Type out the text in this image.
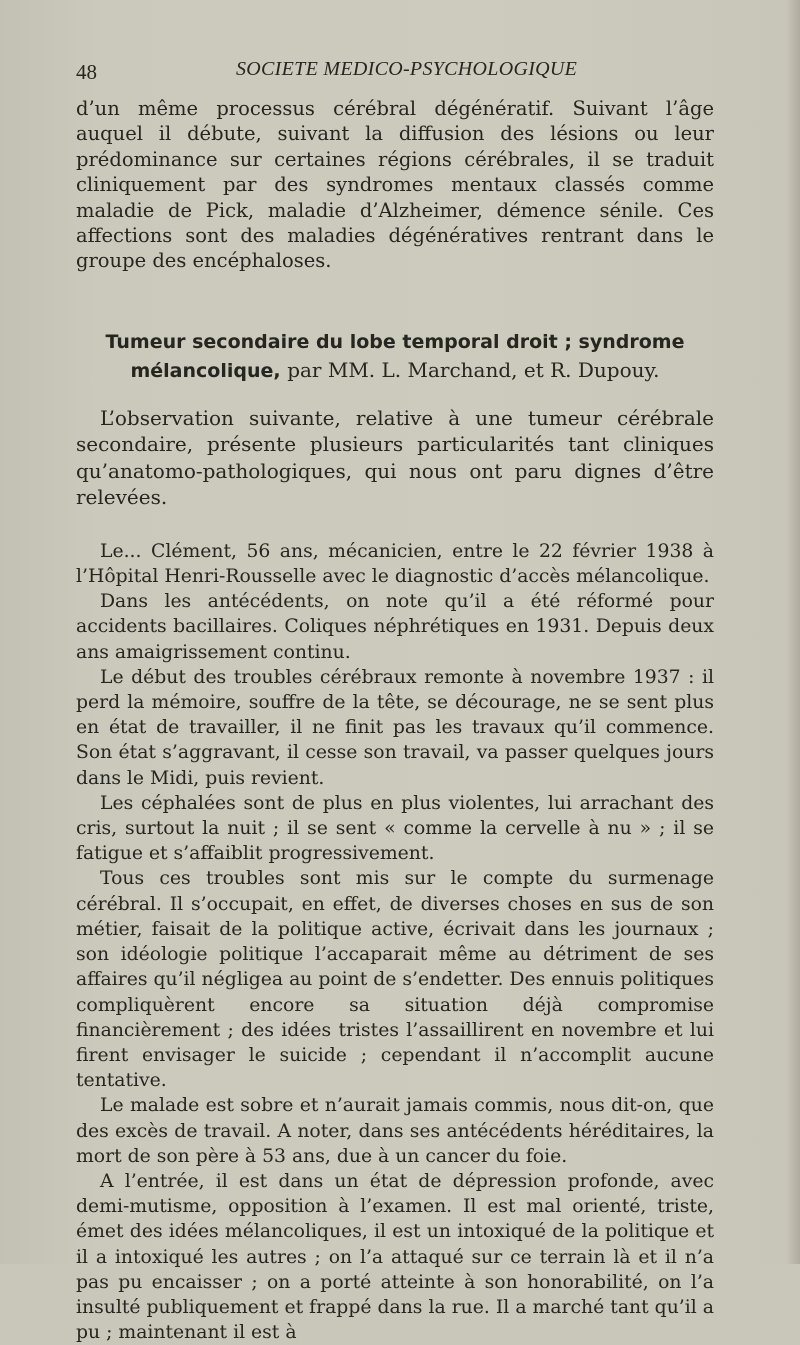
48	SOCIETE MEDICO-PSYCHOLOGIQUE

d’un même processus cérébral dégénératif. Suivant l’âge auquel il débute, suivant la diffusion des lésions ou leur prédominance sur certaines régions cérébrales, il se traduit cliniquement par des syndromes mentaux classés comme maladie de Pick, maladie d’Alzheimer, démence sénile. Ces affections sont des maladies dégénératives rentrant dans le groupe des encéphaloses.

Tumeur secondaire du lobe temporal droit ; syndrome
mélancolique, par MM. L. Marchand, et R. Dupouy.

L’observation suivante, relative à une tumeur cérébrale secondaire, présente plusieurs particularités tant cliniques qu’anatomo-pathologiques, qui nous ont paru dignes d’être relevées.

Le... Clément, 56 ans, mécanicien, entre le 22 février 1938 à l’Hôpital Henri-Rousselle avec le diagnostic d’accès mélancolique.

Dans les antécédents, on note qu’il a été réformé pour accidents bacillaires. Coliques néphrétiques en 1931. Depuis deux ans amaigrissement continu.

Le début des troubles cérébraux remonte à novembre 1937 : il perd la mémoire, souffre de la tête, se décourage, ne se sent plus en état de travailler, il ne finit pas les travaux qu’il commence. Son état s’aggravant, il cesse son travail, va passer quelques jours dans le Midi, puis revient.

Les céphalées sont de plus en plus violentes, lui arrachant des cris, surtout la nuit ; il se sent « comme la cervelle à nu » ; il se fatigue et s’affaiblit progressivement.

Tous ces troubles sont mis sur le compte du surmenage cérébral. Il s’occupait, en effet, de diverses choses en sus de son métier, faisait de la politique active, écrivait dans les journaux ; son idéologie politique l’accaparait même au détriment de ses affaires qu’il négligea au point de s’endetter. Des ennuis politiques compliquèrent encore sa situation déjà compromise financièrement ; des idées tristes l’assaillirent en novembre et lui firent envisager le suicide ; cependant il n’accomplit aucune tentative.

Le malade est sobre et n’aurait jamais commis, nous dit-on, que des excès de travail. A noter, dans ses antécédents héréditaires, la mort de son père à 53 ans, due à un cancer du foie.

A l’entrée, il est dans un état de dépression profonde, avec demi-mutisme, opposition à l’examen. Il est mal orienté, triste, émet des idées mélancoliques, il est un intoxiqué de la politique et il a intoxiqué les autres ; on l’a attaqué sur ce terrain là et il n’a pas pu encaisser ; on a porté atteinte à son honorabilité, on l’a insulté publiquement et frappé dans la rue. Il a marché tant qu’il a pu ; maintenant il est à
